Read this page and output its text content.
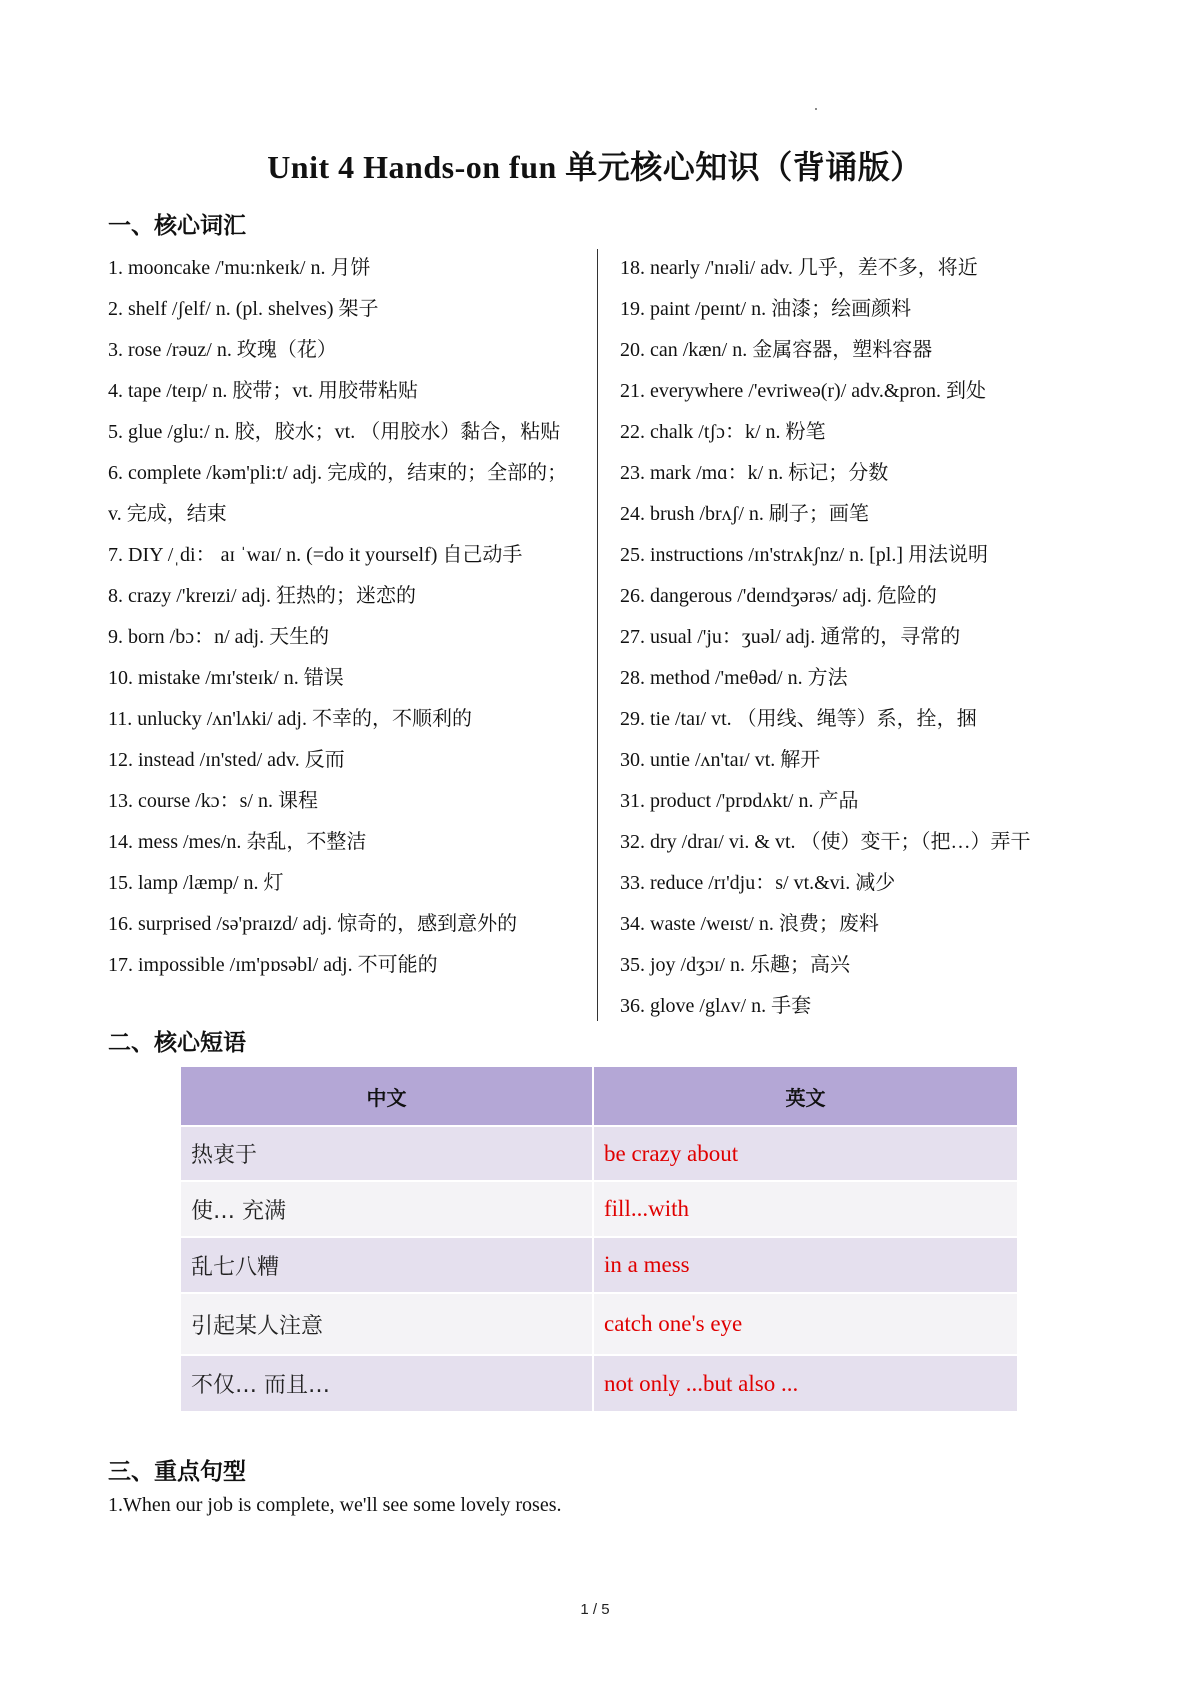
Unit 4 Hands-on fun 单元核心知识（背诵版）
一、核心词汇
1. mooncake /'mu:nkeɪk/ n. 月饼
2. shelf /ʃelf/ n. (pl. shelves) 架子
3. rose /rəuz/ n. 玫瑰（花）
4. tape /teɪp/ n. 胶带；vt. 用胶带粘贴
5. glue /glu:/ n. 胶，胶水；vt. （用胶水）黏合，粘贴
6. complete /kəm'pli:t/ adj. 完成的，结束的；全部的；v. 完成，结束
7. DIY /ˌdi： aɪ ˈwaɪ/ n. (=do it yourself) 自己动手
8. crazy /'kreɪzi/ adj. 狂热的；迷恋的
9. born /bɔ：n/ adj. 天生的
10. mistake /mɪ'steɪk/ n. 错误
11. unlucky /ʌn'lʌki/ adj. 不幸的，不顺利的
12. instead /ɪn'sted/ adv. 反而
13. course /kɔ：s/ n. 课程
14. mess /mes/n. 杂乱，不整洁
15. lamp /læmp/ n. 灯
16. surprised /sə'praɪzd/ adj. 惊奇的，感到意外的
17. impossible /ɪm'pɒsəbl/ adj. 不可能的
18. nearly /'nɪəli/ adv. 几乎，差不多，将近
19. paint /peɪnt/ n. 油漆；绘画颜料
20. can /kæn/ n. 金属容器，塑料容器
21. everywhere /'evriweə(r)/ adv.&pron. 到处
22. chalk /tʃɔ：k/ n. 粉笔
23. mark /mɑ：k/ n. 标记；分数
24. brush /brʌʃ/ n. 刷子；画笔
25. instructions /ɪn'strʌkʃnz/ n. [pl.] 用法说明
26. dangerous /'deɪndʒərəs/ adj. 危险的
27. usual /'ju：ʒuəl/ adj. 通常的，寻常的
28. method /'meθəd/ n. 方法
29. tie /taɪ/ vt. （用线、绳等）系，拴，捆
30. untie /ʌn'taɪ/ vt. 解开
31. product /'prɒdʌkt/ n. 产品
32. dry /draɪ/ vi. & vt. （使）变干；（把…）弄干
33. reduce /rɪ'dju：s/ vt.&vi. 减少
34. waste /weɪst/ n. 浪费；废料
35. joy /dʒɔɪ/ n. 乐趣；高兴
36. glove /glʌv/ n. 手套
二、核心短语
中文	英文
热衷于	be crazy about
使… 充满	fill...with
乱七八糟	in a mess
引起某人注意	catch one's eye
不仅… 而且…	not only ...but also ...
三、重点句型
1.When our job is complete, we'll see some lovely roses.
1 / 5
